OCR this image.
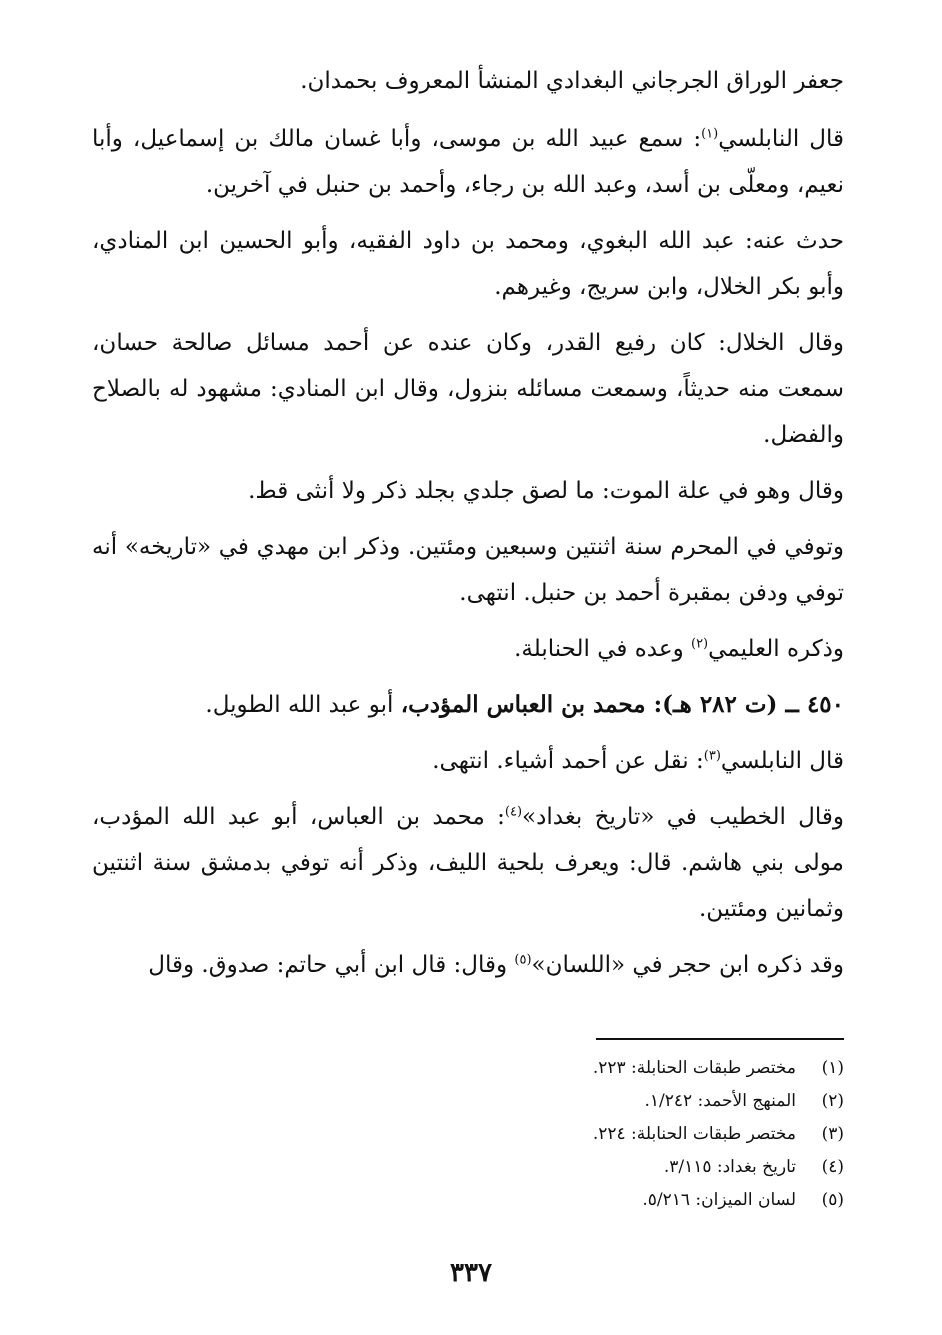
جعفر الوراق الجرجاني البغدادي المنشأ المعروف بحمدان.

قال النابلسي$^{(١)}$: سمع عبيد الله بن موسى، وأبا غسان مالك بن إسماعيل، وأبا نعيم، ومعلّى بن أسد، وعبد الله بن رجاء، وأحمد بن حنبل في آخرين.

حدث عنه: عبد الله البغوي، ومحمد بن داود الفقيه، وأبو الحسين ابن المنادي، وأبو بكر الخلال، وابن سريج، وغيرهم.

وقال الخلال: كان رفيع القدر، وكان عنده عن أحمد مسائل صالحة حسان، سمعت منه حديثاً، وسمعت مسائله بنزول، وقال ابن المنادي: مشهود له بالصلاح والفضل.

وقال وهو في علة الموت: ما لصق جلدي بجلد ذكر ولا أنثى قط.

وتوفي في المحرم سنة اثنتين وسبعين ومئتين. وذكر ابن مهدي في «تاريخه» أنه توفي ودفن بمقبرة أحمد بن حنبل. انتهى.

وذكره العليمي$^{(٢)}$ وعده في الحنابلة.

٤٥٠ ــ (ت ٢٨٢ هـ): محمد بن العباس المؤدب، أبو عبد الله الطويل.

قال النابلسي$^{(٣)}$: نقل عن أحمد أشياء. انتهى.

وقال الخطيب في «تاريخ بغداد»$^{(٤)}$: محمد بن العباس، أبو عبد الله المؤدب، مولى بني هاشم. قال: ويعرف بلحية الليف، وذكر أنه توفي بدمشق سنة اثنتين وثمانين ومئتين.

وقد ذكره ابن حجر في «اللسان»$^{(٥)}$ وقال: قال ابن أبي حاتم: صدوق. وقال

(١)مختصر طبقات الحنابلة: ٢٢٣.
(٢)المنهج الأحمد: ١/٢٤٢.
(٣)مختصر طبقات الحنابلة: ٢٢٤.
(٤)تاريخ بغداد: ٣/١١٥.
(٥)لسان الميزان: ٥/٢١٦.
٣٣٧
